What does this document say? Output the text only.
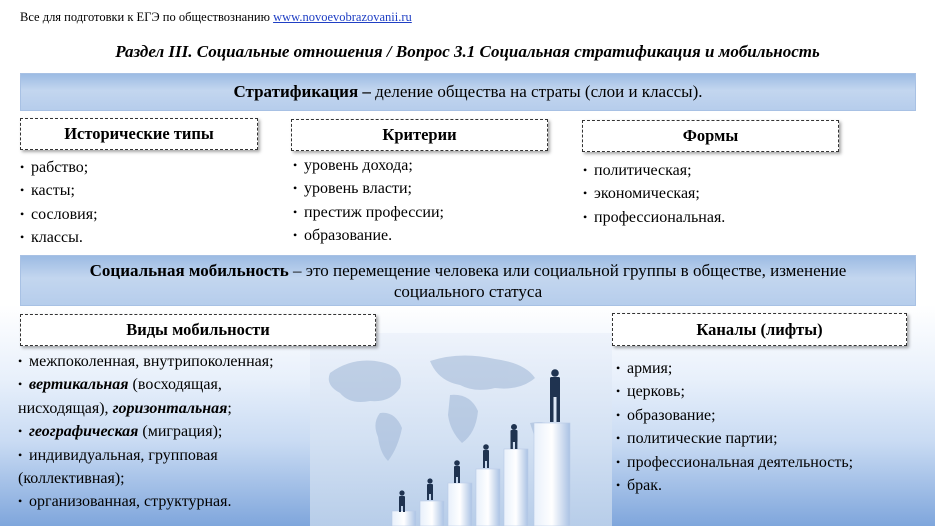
Все для подготовки к ЕГЭ по обществознанию www.novoevobrazovanii.ru
Раздел III. Социальные отношения / Вопрос 3.1 Социальная стратификация и мобильность
Стратификация – деление общества на страты (слои и классы).
Исторические типы
• рабство;
• касты;
• сословия;
• классы.
Критерии
• уровень дохода;
• уровень власти;
• престиж профессии;
• образование.
Формы
• политическая;
• экономическая;
• профессиональная.
Социальная мобильность – это перемещение человека или социальной группы в обществе, изменение
социального статуса
Виды мобильности
• межпоколенная, внутрипоколенная;
• вертикальная (восходящая,
нисходящая), горизонтальная;
• географическая (миграция);
• индивидуальная, групповая
(коллективная);
• организованная, структурная.
Каналы (лифты)
• армия;
• церковь;
• образование;
• политические партии;
• профессиональная деятельность;
• брак.
